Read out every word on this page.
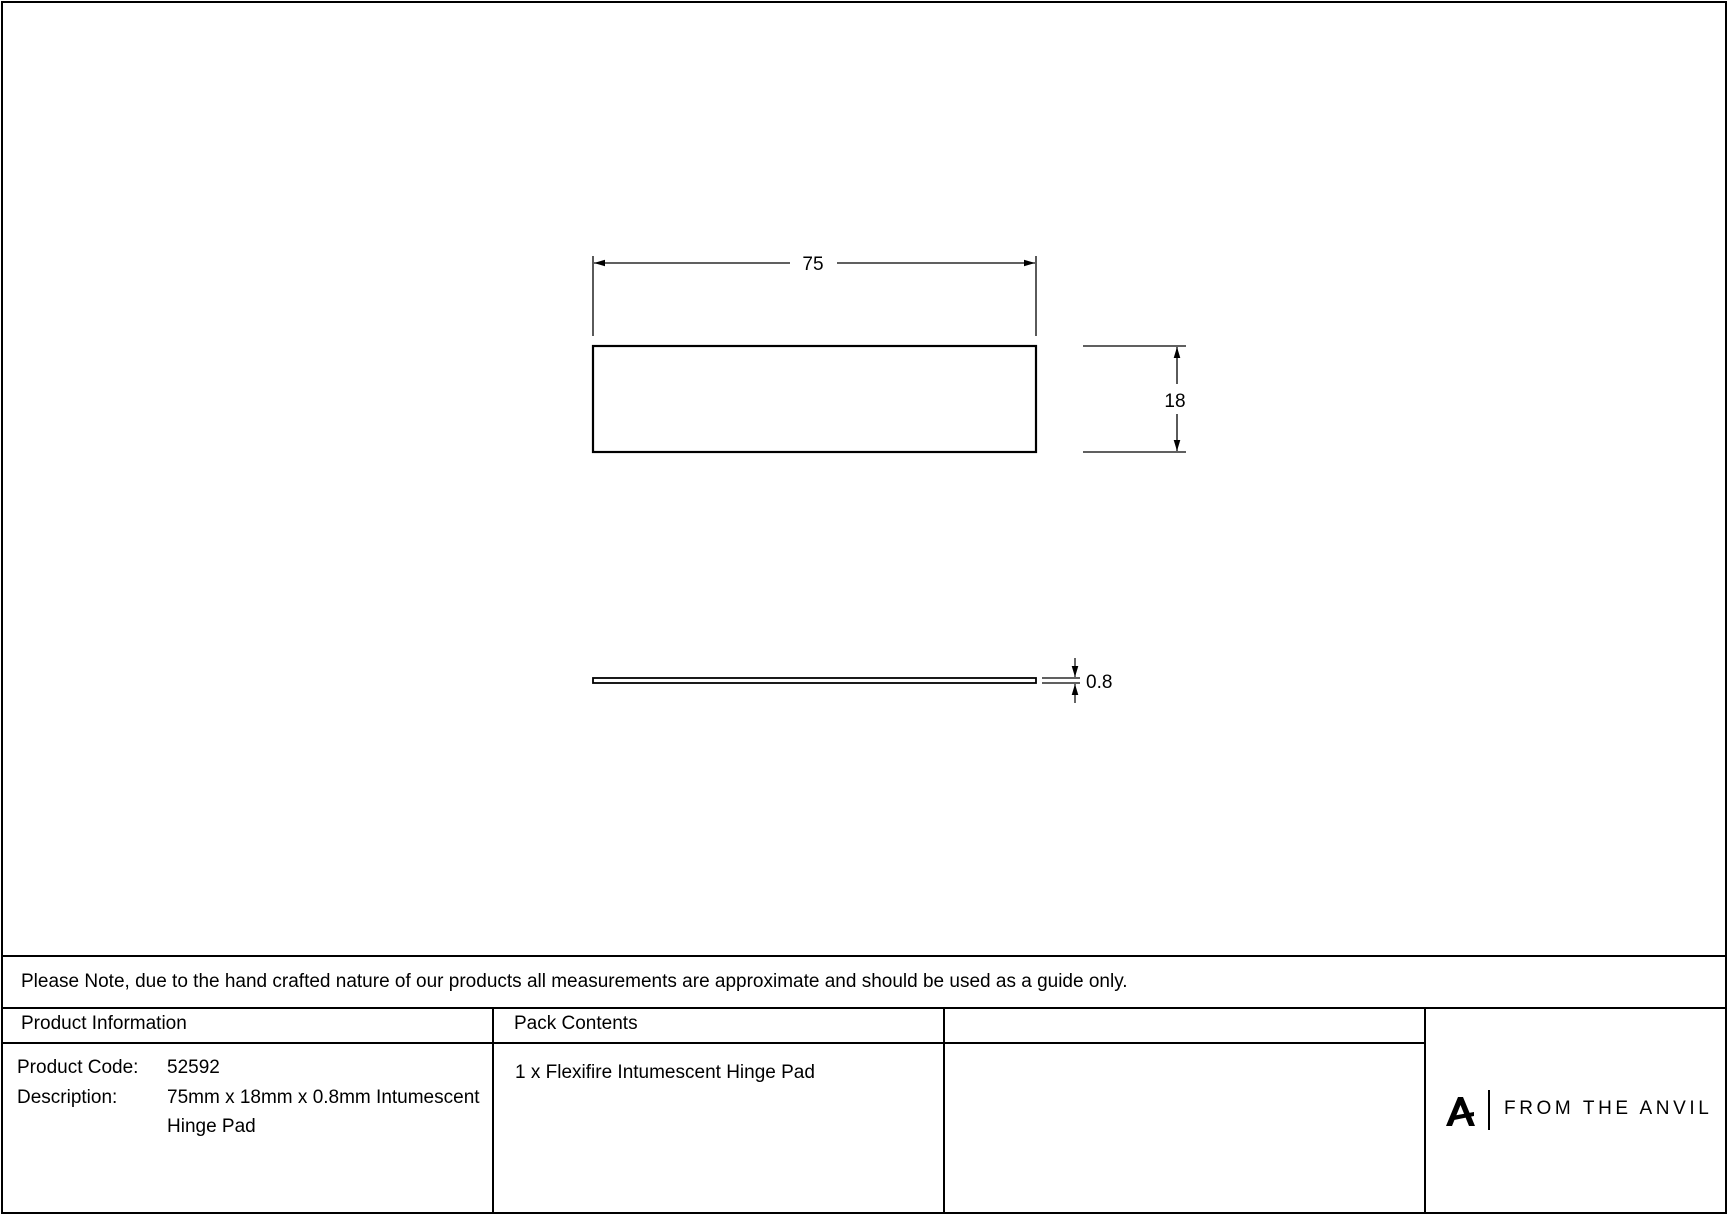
75
18
0.8
Please Note, due to the hand crafted nature of our products all measurements are approximate and should be used as a guide only.
Product Information
Product Code: 52592
Description:	75mm x 18mm x 0.8mm Intumescent
Hinge Pad
Pack Contents
1 x Flexifire Intumescent Hinge Pad
FROM THE ANVIL
